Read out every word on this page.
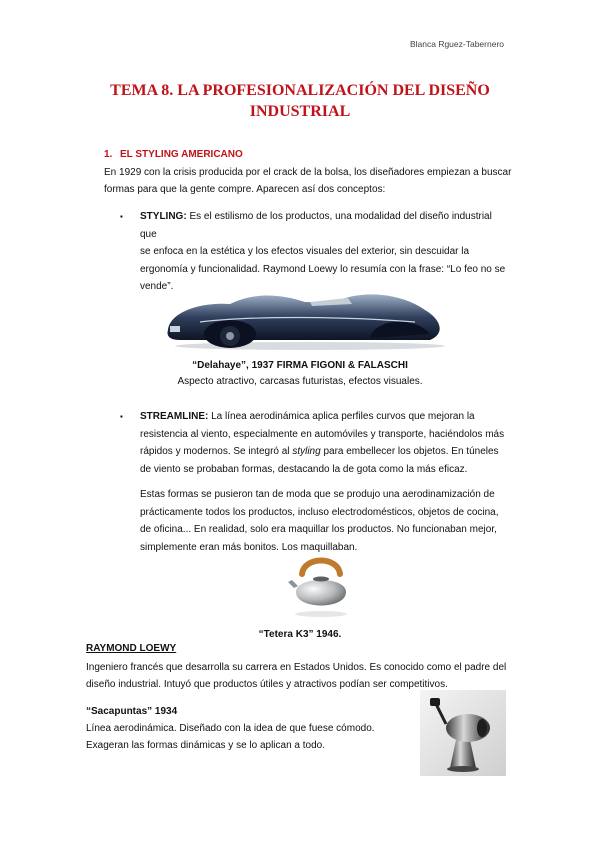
Blanca Rguez-Tabernero
TEMA 8. LA PROFESIONALIZACIÓN DEL DISEÑO
INDUSTRIAL
1. EL STYLING AMERICANO
En 1929 con la crisis producida por el crack de la bolsa, los diseñadores empiezan a buscar
formas para que la gente compre. Aparecen así dos conceptos:
▪	STYLING: Es el estilismo de los productos, una modalidad del diseño industrial que
se enfoca en la estética y los efectos visuales del exterior, sin descuidar la
ergonomía y funcionalidad. Raymond Loewy lo resumía con la frase: “Lo feo no se
vende”.
“Delahaye”, 1937 FIRMA FIGONI & FALASCHI
Aspecto atractivo, carcasas futuristas, efectos visuales.
▪	STREAMLINE: La línea aerodinámica aplica perfiles curvos que mejoran la
resistencia al viento, especialmente en automóviles y transporte, haciéndolos más
rápidos y modernos. Se integró al styling para embellecer los objetos. En túneles
de viento se probaban formas, destacando la de gota como la más eficaz.
Estas formas se pusieron tan de moda que se produjo una aerodinamización de
prácticamente todos los productos, incluso electrodomésticos, objetos de cocina,
de oficina... En realidad, solo era maquillar los productos. No funcionaban mejor,
simplemente eran más bonitos. Los maquillaban.
“Tetera K3” 1946.
RAYMOND LOEWY
Ingeniero francés que desarrolla su carrera en Estados Unidos. Es conocido como el padre del
diseño industrial. Intuyó que productos útiles y atractivos podían ser competitivos.
“Sacapuntas” 1934
Línea aerodinámica. Diseñado con la idea de que fuese cómodo.
Exageran las formas dinámicas y se lo aplican a todo.
